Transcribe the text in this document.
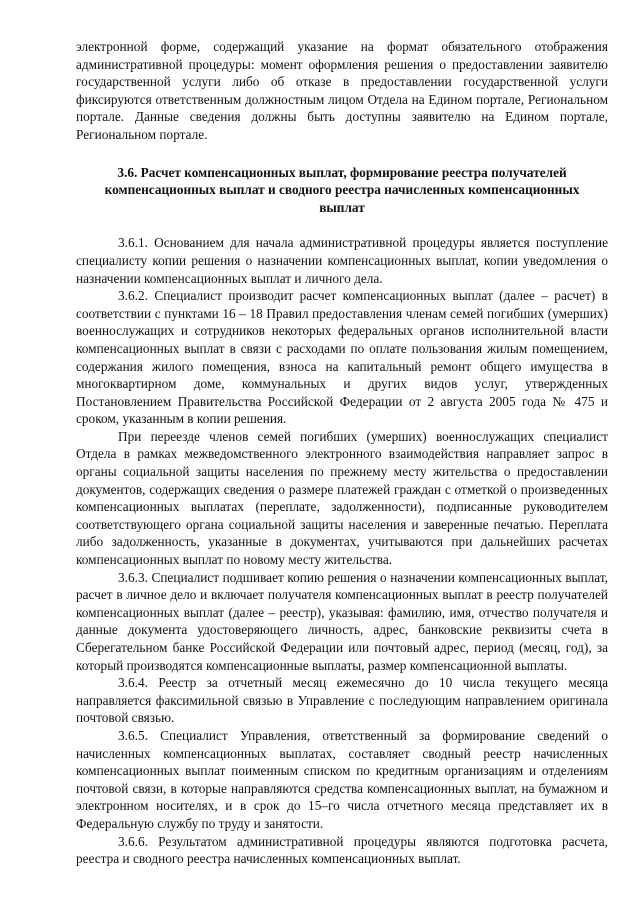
электронной форме, содержащий указание на формат обязательного отображения административной процедуры: момент оформления решения о предоставлении заявителю государственной услуги либо об отказе в предоставлении государственной услуги фиксируются ответственным должностным лицом Отдела на Едином портале, Региональном портале. Данные сведения должны быть доступны заявителю на Едином портале, Региональном портале.

3.6. Расчет компенсационных выплат, формирование реестра получателей компенсационных выплат и сводного реестра начисленных компенсационных выплат

3.6.1. Основанием для начала административной процедуры является поступление специалисту копии решения о назначении компенсационных выплат, копии уведомления о назначении компенсационных выплат и личного дела.

3.6.2. Специалист производит расчет компенсационных выплат (далее – расчет) в соответствии с пунктами 16 – 18 Правил предоставления членам семей погибших (умерших) военнослужащих и сотрудников некоторых федеральных органов исполнительной власти компенсационных выплат в связи с расходами по оплате пользования жилым помещением, содержания жилого помещения, взноса на капитальный ремонт общего имущества в многоквартирном доме, коммунальных и других видов услуг, утвержденных Постановлением Правительства Российской Федерации от 2 августа 2005 года № 475 и сроком, указанным в копии решения.

При переезде членов семей погибших (умерших) военнослужащих специалист Отдела в рамках межведомственного электронного взаимодействия направляет запрос в органы социальной защиты населения по прежнему месту жительства о предоставлении документов, содержащих сведения о размере платежей граждан с отметкой о произведенных компенсационных выплатах (переплате, задолженности), подписанные руководителем соответствующего органа социальной защиты населения и заверенные печатью. Переплата либо задолженность, указанные в документах, учитываются при дальнейших расчетах компенсационных выплат по новому месту жительства.

3.6.3. Специалист подшивает копию решения о назначении компенсационных выплат, расчет в личное дело и включает получателя компенсационных выплат в реестр получателей компенсационных выплат (далее – реестр), указывая: фамилию, имя, отчество получателя и данные документа удостоверяющего личность, адрес, банковские реквизиты счета в Сберегательном банке Российской Федерации или почтовый адрес, период (месяц, год), за который производятся компенсационные выплаты, размер компенсационной выплаты.

3.6.4. Реестр за отчетный месяц ежемесячно до 10 числа текущего месяца направляется факсимильной связью в Управление с последующим направлением оригинала почтовой связью.

3.6.5. Специалист Управления, ответственный за формирование сведений о начисленных компенсационных выплатах, составляет сводный реестр начисленных компенсационных выплат поименным списком по кредитным организациям и отделениям почтовой связи, в которые направляются средства компенсационных выплат, на бумажном и электронном носителях, и в срок до 15–го числа отчетного месяца представляет их в Федеральную службу по труду и занятости.

3.6.6. Результатом административной процедуры являются подготовка расчета, реестра и сводного реестра начисленных компенсационных выплат.
